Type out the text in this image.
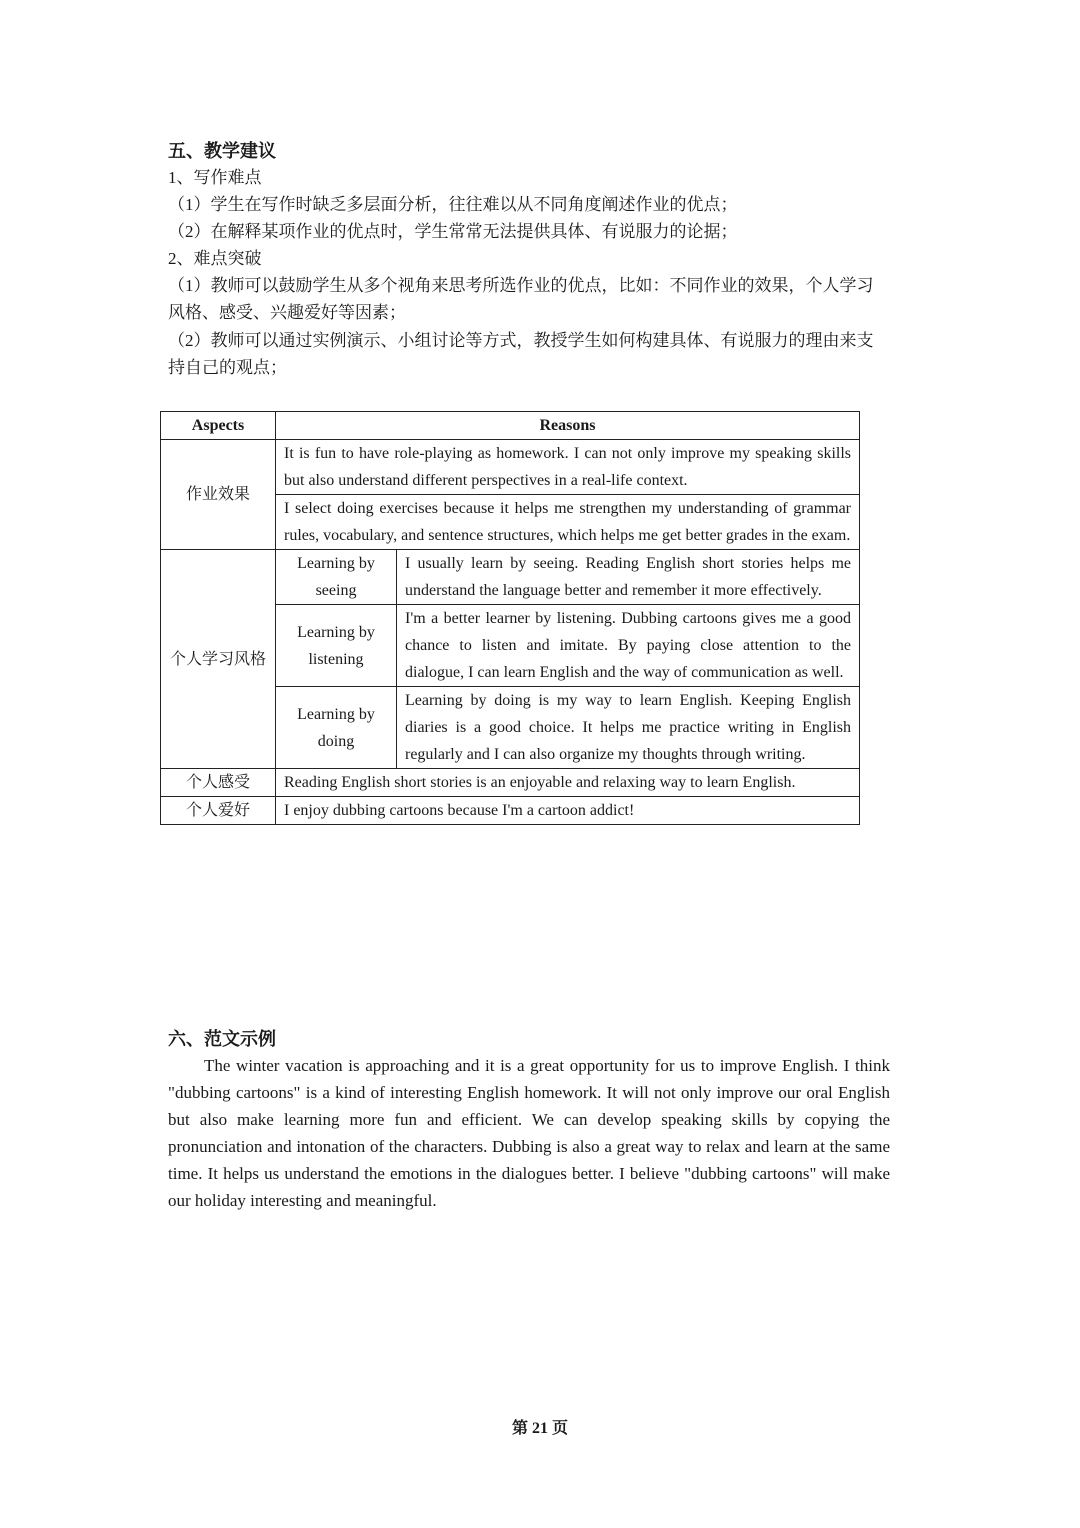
五、教学建议
1、写作难点
（1）学生在写作时缺乏多层面分析，往往难以从不同角度阐述作业的优点；
（2）在解释某项作业的优点时，学生常常无法提供具体、有说服力的论据；
2、难点突破
（1）教师可以鼓励学生从多个视角来思考所选作业的优点，比如：不同作业的效果，个人学习风格、感受、兴趣爱好等因素；
（2）教师可以通过实例演示、小组讨论等方式，教授学生如何构建具体、有说服力的理由来支持自己的观点；
Aspects	Reasons	
作业效果	It is fun to have role-playing as homework. I can not only improve my speaking skills but also understand different perspectives in a real-life context.	
	I select doing exercises because it helps me strengthen my understanding of grammar rules, vocabulary, and sentence structures, which helps me get better grades in the exam.	
个人学习风格	Learning by seeing	I usually learn by seeing. Reading English short stories helps me understand the language better and remember it more effectively.
	Learning by listening	I'm a better learner by listening. Dubbing cartoons gives me a good chance to listen and imitate. By paying close attention to the dialogue, I can learn English and the way of communication as well.
	Learning by doing	Learning by doing is my way to learn English. Keeping English diaries is a good choice. It helps me practice writing in English regularly and I can also organize my thoughts through writing.
个人感受	Reading English short stories is an enjoyable and relaxing way to learn English.	
个人爱好	I enjoy dubbing cartoons because I'm a cartoon addict!	
六、范文示例
The winter vacation is approaching and it is a great opportunity for us to improve English. I think "dubbing cartoons" is a kind of interesting English homework. It will not only improve our oral English but also make learning more fun and efficient. We can develop speaking skills by copying the pronunciation and intonation of the characters. Dubbing is also a great way to relax and learn at the same time. It helps us understand the emotions in the dialogues better. I believe "dubbing cartoons" will make our holiday interesting and meaningful.
第 21 页
